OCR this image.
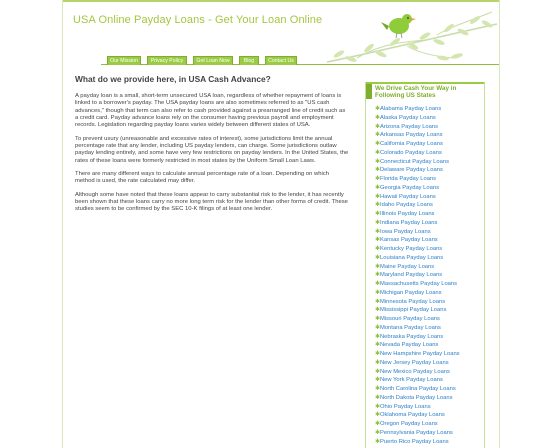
USA Online Payday Loans - Get Your Loan Online
Our Mission	Privacy Policy	Get Loan Now	Blog	Contact Us
What do we provide here, in USA Cash Advance?

A payday loan is a small, short-term unsecured USA loan, regardless of whether repayment of loans is linked to a borrower's payday. The USA payday loans are also sometimes referred to as "US cash advances," though that term can also refer to cash provided against a prearranged line of credit such as a credit card. Payday advance loans rely on the consumer having previous payroll and employment records. Legislation regarding payday loans varies widely between different states of USA.

To prevent usury (unreasonable and excessive rates of interest), some jurisdictions limit the annual percentage rate that any lender, including US payday lenders, can charge. Some jurisdictions outlaw payday lending entirely, and some have very few restrictions on payday lenders. In the United States, the rates of these loans were formerly restricted in most states by the Uniform Small Loan Laws.

There are many different ways to calculate annual percentage rate of a loan. Depending on which method is used, the rate calculated may differ.

Although some have noted that these loans appear to carry substantial risk to the lender, it has recently been shown that these loans carry no more long term risk for the lender than other forms of credit. These studies seem to be confirmed by the SEC 10-K filings of at least one lender.

We Drive Cash Your Way in Following US States
✱Alabama Payday Loans
✱Alaska Payday Loans
✱Arizona Payday Loans
✱Arkansas Payday Loans
✱California Payday Loans
✱Colorado Payday Loans
✱Connecticut Payday Loans
✱Delaware Payday Loans
✱Florida Payday Loans
✱Georgia Payday Loans
✱Hawaii Payday Loans
✱Idaho Payday Loans
✱Illinois Payday Loans
✱Indiana Payday Loans
✱Iowa Payday Loans
✱Kansas Payday Loans
✱Kentucky Payday Loans
✱Louisiana Payday Loans
✱Maine Payday Loans
✱Maryland Payday Loans
✱Massachusetts Payday Loans
✱Michigan Payday Loans
✱Minnesota Payday Loans
✱Mississippi Payday Loans
✱Missouri Payday Loans
✱Montana Payday Loans
✱Nebraska Payday Loans
✱Nevada Payday Loans
✱New Hampshire Payday Loans
✱New Jersey Payday Loans
✱New Mexico Payday Loans
✱New York Payday Loans
✱North Carolina Payday Loans
✱North Dakota Payday Loans
✱Ohio Payday Loans
✱Oklahoma Payday Loans
✱Oregon Payday Loans
✱Pennsylvania Payday Loans
✱Puerto Rico Payday Loans
